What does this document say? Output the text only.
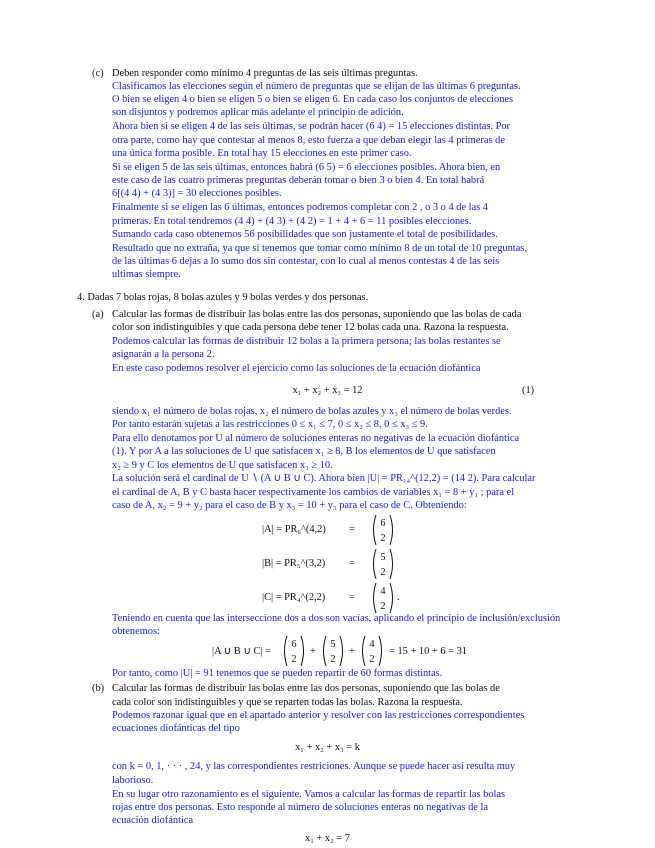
(c) Deben responder como mínimo 4 preguntas de las seis últimas preguntas.
Clasificamos las elecciones según el número de preguntas que se elijan de las últimas 6 preguntas.
O bien se eligen 4 o bien se eligen 5 o bien se eligen 6. En cada caso los conjuntos de elecciones
son disjuntos y podremos aplicar más adelante el principio de adición.
Ahora bien si se eligen 4 de las seis últimas, se podrán hacer (6 4) = 15 elecciones distintas. Por
otra parte, como hay que contestar al menos 8, esto fuerza a que deban elegir las 4 primeras de
una única forma posible. En total hay 15 elecciones en este primer caso.
Si se eligen 5 de las seis últimas, entonces habrá (6 5) = 6 elecciones posibles. Ahora bien, en
este caso de las cuatro primeras preguntas deberán tomar o bien 3 o bien 4. En total habrá
6[(4 4) + (4 3)] = 30 elecciones posibles.
Finalmente si se eligen las 6 últimas, entonces podremos completar con 2 , o 3 o 4 de las 4
primeras. En total tendremos (4 4) + (4 3) + (4 2) = 1 + 4 + 6 = 11 posibles elecciones.
Sumando cada caso obtenemos 56 posibilidades que son justamente el total de posibilidades.
Resultado que no extraña, ya que si tenemos que tomar como mínimo 8 de un total de 10 preguntas,
de las últimas 6 dejas a lo sumo dos sin contestar, con lo cual al menos contestas 4 de las seis
ultimas siempre.
4. Dadas 7 bolas rojas, 8 bolas azules y 9 bolas verdes y dos personas.
(a) Calcular las formas de distribuir las bolas entre las dos personas, suponiendo que las bolas de cada
color son indistinguibles y que cada persona debe tener 12 bolas cada una. Razona la respuesta.
Podemos calcular las formas de distribuir 12 bolas a la primera persona; las bolas restantes se
asignarán a la persona 2.
En este caso podemos resolver el ejercicio como las soluciones de la ecuación diofántica
x₁ + x₂ + x₃ = 12	(1)
siendo x₁ el número de bolas rojas, x₂ el número de bolas azules y x₃ el número de bolas verdes.
Por tanto estarán sujetas a las restricciones 0 ≤ x₁ ≤ 7, 0 ≤ x₂ ≤ 8, 0 ≤ x₃ ≤ 9.
Para ello denotamos por U al número de soluciones enteras no negativas de la ecuación diofántica
(1). Y por A a las soluciones de U que satisfacen x₁ ≥ 8, B los elementos de U que satisfacen
x₂ ≥ 9 y C los elementos de U que satisfacen x₃ ≥ 10.
La solución será el cardinal de U ∖ (A ∪ B ∪ C). Ahora bien |U| = PR₁₄^(12,2) = (14 2). Para calcular
el cardinal de A, B y C basta hacer respectivamente los cambios de variables x₁ = 8 + y₁ ; para el
caso de A, x₂ = 9 + y₂ para el caso de B y x₃ = 10 + y₃ para el caso de C. Obteniendo:
|A| = PR₆^(4,2) =
6
2
|B| = PR₅^(3,2) =
5
2
|C| = PR₄^(2,2) =
4
2
.
Teniendo en cuenta que las interseccione dos a dos son vacías, aplicando el principio de inclusión/exclusión
obtenemos:
|A ∪ B ∪ C| =
6
2
+
5
2
+
4
2
= 15 + 10 + 6 = 31
Por tanto, como |U| = 91 tenemos que se pueden repartir de 60 formas distintas.
(b) Calcular las formas de distribuir las bolas entre las dos personas, suponiendo que las bolas de
cada color son indistinguibles y que se reparten todas las bolas. Razona la respuesta.
Podemos razonar igual que en el apartado anterior y resolver con las restricciones correspondientes
ecuaciones diofánticas del tipo
x₁ + x₂ + x₃ = k
con k = 0, 1, · · · , 24, y las correspondientes restriciones. Aunque se puede hacer así resulta muy
laborioso.
En su lugar otro razonamiento es el siguiente. Vamos a calcular las formas de repartir las bolas
rojas entre dos personas. Esto responde al número de soluciones enteras no negativas de la
ecuación diofántica
x₁ + x₂ = 7
